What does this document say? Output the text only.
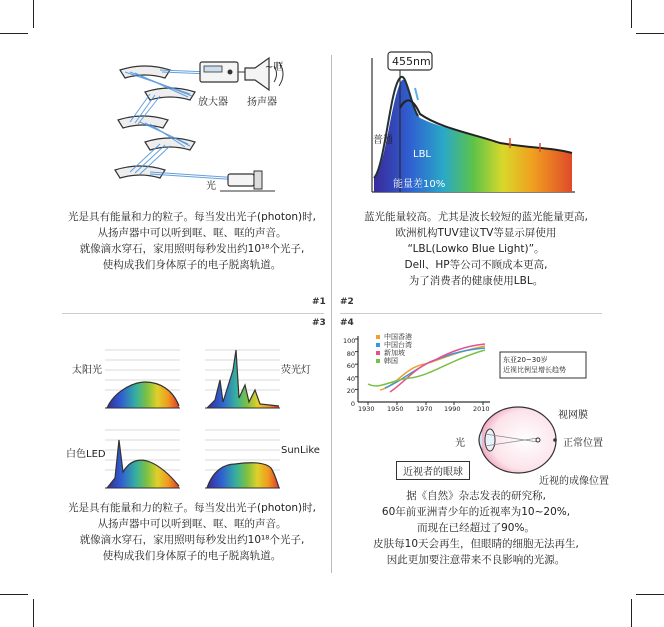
~哐
放大器 扬声器
光
光是具有能量和力的粒子。每当发出光子(photon)时,
从扬声器中可以听到哐、哐、哐的声音。
就像滴水穿石，家用照明每秒发出约10¹⁸个光子,
使构成我们身体原子的电子脱离轨道。
#1
455nm
普通
LBL
能量差10%
蓝光能量较高。尤其是波长较短的蓝光能量更高,
欧洲机构TUV建议TV等显示屏使用
“LBL(Lowko Blue Light)”。
Dell、HP等公司不顾成本更高,
为了消费者的健康使用LBL。
#2
#3
太阳光	荧光灯
白色LED	SunLike
光是具有能量和力的粒子。每当发出光子(photon)时,
从扬声器中可以听到哐、哐、哐的声音。
就像滴水穿石，家用照明每秒发出约10¹⁸个光子,
使构成我们身体原子的电子脱离轨道。
#4
中国香港
中国台湾
新加坡
韩国	东亚20~30岁
近视比例呈增长趋势
100
80
60
40
20
0
1930 1950 1970 1990 2010
视网膜
光	正常位置
近视的成像位置
近视者的眼球
据《自然》杂志发表的研究称,
60年前亚洲青少年的近视率为10~20%,
而现在已经超过了90%。
皮肤每10天会再生，但眼睛的细胞无法再生,
因此更加要注意带来不良影响的光源。
